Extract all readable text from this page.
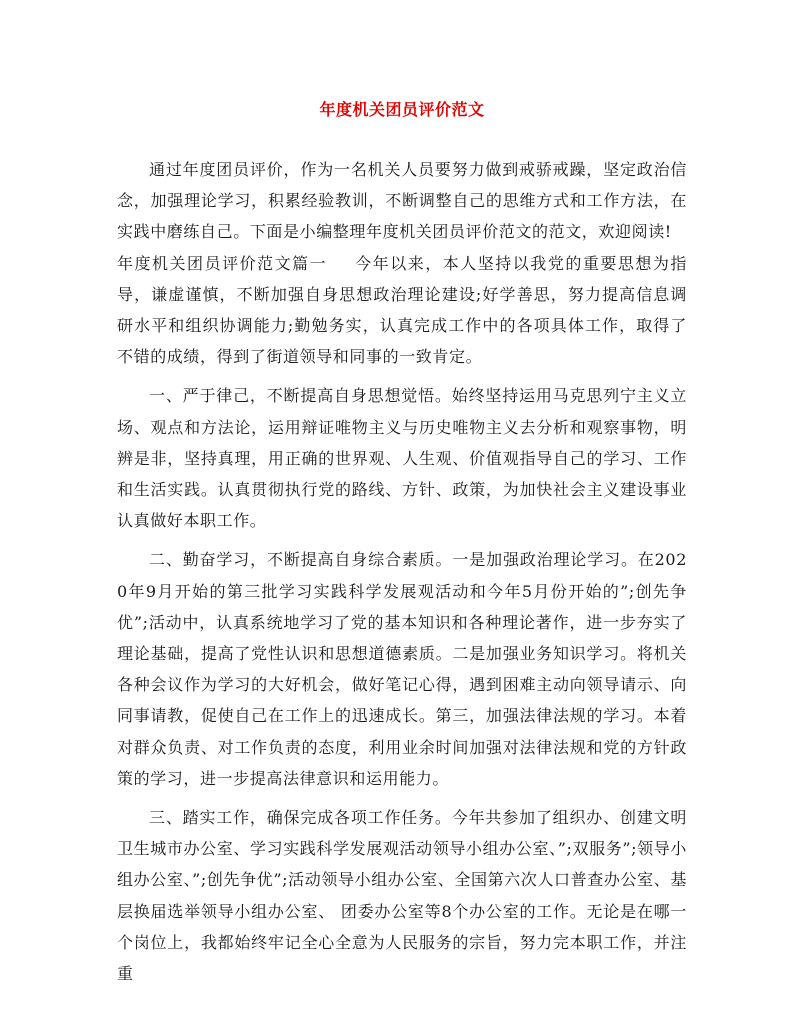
年度机关团员评价范文

通过年度团员评价，作为一名机关人员要努力做到戒骄戒躁，坚定政治信念，加强理论学习，积累经验教训，不断调整自己的思维方式和工作方法，在实践中磨练自己。下面是小编整理年度机关团员评价范文的范文，欢迎阅读!

年度机关团员评价范文篇一 今年以来，本人坚持以我党的重要思想为指导，谦虚谨慎，不断加强自身思想政治理论建设;好学善思，努力提高信息调研水平和组织协调能力;勤勉务实，认真完成工作中的各项具体工作，取得了不错的成绩，得到了街道领导和同事的一致肯定。

一、严于律己，不断提高自身思想觉悟。始终坚持运用马克思列宁主义立场、观点和方法论，运用辩证唯物主义与历史唯物主义去分析和观察事物，明辨是非，坚持真理，用正确的世界观、人生观、价值观指导自己的学习、工作和生活实践。认真贯彻执行党的路线、方针、政策，为加快社会主义建设事业认真做好本职工作。

二、勤奋学习，不断提高自身综合素质。一是加强政治理论学习。在2020年9月开始的第三批学习实践科学发展观活动和今年5月份开始的”;创先争优”;活动中，认真系统地学习了党的基本知识和各种理论著作，进一步夯实了理论基础，提高了党性认识和思想道德素质。二是加强业务知识学习。将机关各种会议作为学习的大好机会，做好笔记心得，遇到困难主动向领导请示、向同事请教，促使自己在工作上的迅速成长。第三，加强法律法规的学习。本着对群众负责、对工作负责的态度，利用业余时间加强对法律法规和党的方针政策的学习，进一步提高法律意识和运用能力。

三、踏实工作，确保完成各项工作任务。今年共参加了组织办、创建文明卫生城市办公室、学习实践科学发展观活动领导小组办公室、”;双服务”;领导小组办公室、”;创先争优”;活动领导小组办公室、全国第六次人口普查办公室、基层换届选举领导小组办公室、 团委办公室等8个办公室的工作。无论是在哪一个岗位上，我都始终牢记全心全意为人民服务的宗旨，努力完本职工作，并注重
